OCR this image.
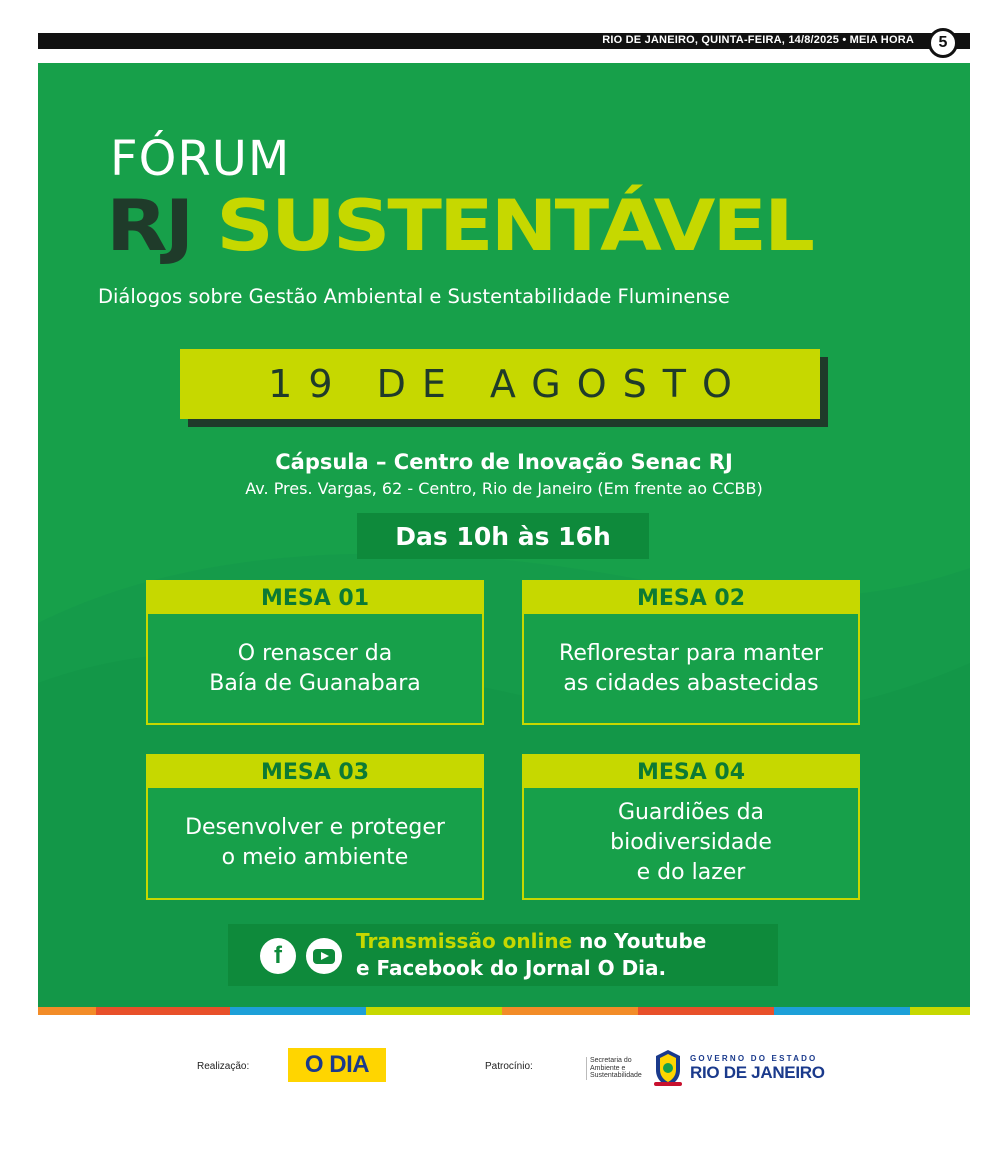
RIO DE JANEIRO, QUINTA-FEIRA, 14/8/2025 • MEIA HORA	5
FÓRUM
RJ SUSTENTÁVEL
Diálogos sobre Gestão Ambiental e Sustentabilidade Fluminense
19 DE AGOSTO
Cápsula – Centro de Inovação Senac RJ
Av. Pres. Vargas, 62 - Centro, Rio de Janeiro (Em frente ao CCBB)
Das 10h às 16h
MESA 01
O renascer da
Baía de Guanabara
MESA 02
Reflorestar para manter
as cidades abastecidas
MESA 03
Desenvolver e proteger
o meio ambiente
MESA 04
Guardiões da
biodiversidade
e do lazer
f
Transmissão online no Youtube
e Facebook do Jornal O Dia.
Realização:	O DIA	Patrocínio:
Secretaria do
Ambiente e
Sustentabilidade
GOVERNO DO ESTADO
RIO DE JANEIRO
